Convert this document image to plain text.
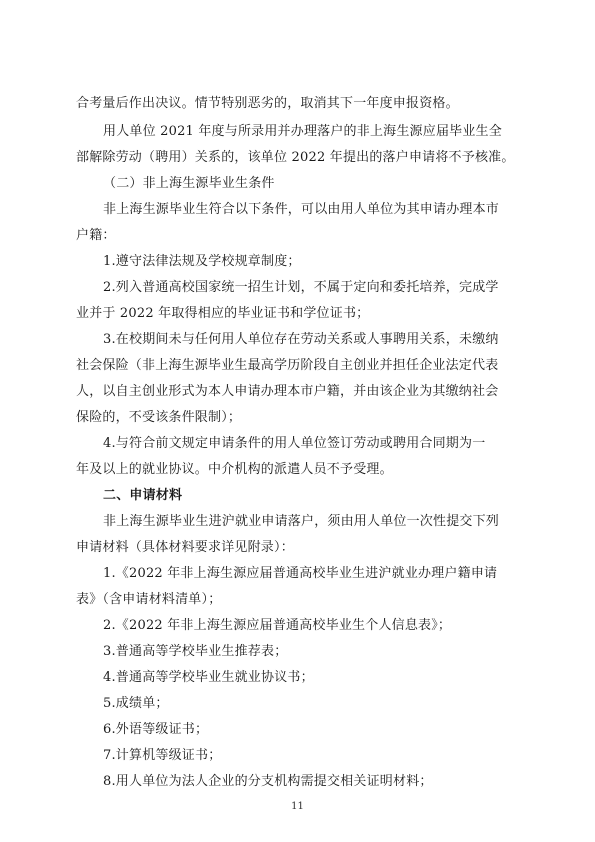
合考量后作出决议。情节特别恶劣的，取消其下一年度申报资格。
用人单位 2021 年度与所录用并办理落户的非上海生源应届毕业生全
部解除劳动（聘用）关系的，该单位 2022 年提出的落户申请将不予核准。
（二）非上海生源毕业生条件
非上海生源毕业生符合以下条件，可以由用人单位为其申请办理本市
户籍：
1.遵守法律法规及学校规章制度；
2.列入普通高校国家统一招生计划，不属于定向和委托培养，完成学
业并于 2022 年取得相应的毕业证书和学位证书；
3.在校期间未与任何用人单位存在劳动关系或人事聘用关系，未缴纳
社会保险（非上海生源毕业生最高学历阶段自主创业并担任企业法定代表
人，以自主创业形式为本人申请办理本市户籍，并由该企业为其缴纳社会
保险的，不受该条件限制）；
4.与符合前文规定申请条件的用人单位签订劳动或聘用合同期为一
年及以上的就业协议。中介机构的派遣人员不予受理。
二、申请材料
非上海生源毕业生进沪就业申请落户，须由用人单位一次性提交下列
申请材料（具体材料要求详见附录）：
1.《2022 年非上海生源应届普通高校毕业生进沪就业办理户籍申请
表》（含申请材料清单）；
2.《2022 年非上海生源应届普通高校毕业生个人信息表》；
3.普通高等学校毕业生推荐表；
4.普通高等学校毕业生就业协议书；
5.成绩单；
6.外语等级证书；
7.计算机等级证书；
8.用人单位为法人企业的分支机构需提交相关证明材料；
11
